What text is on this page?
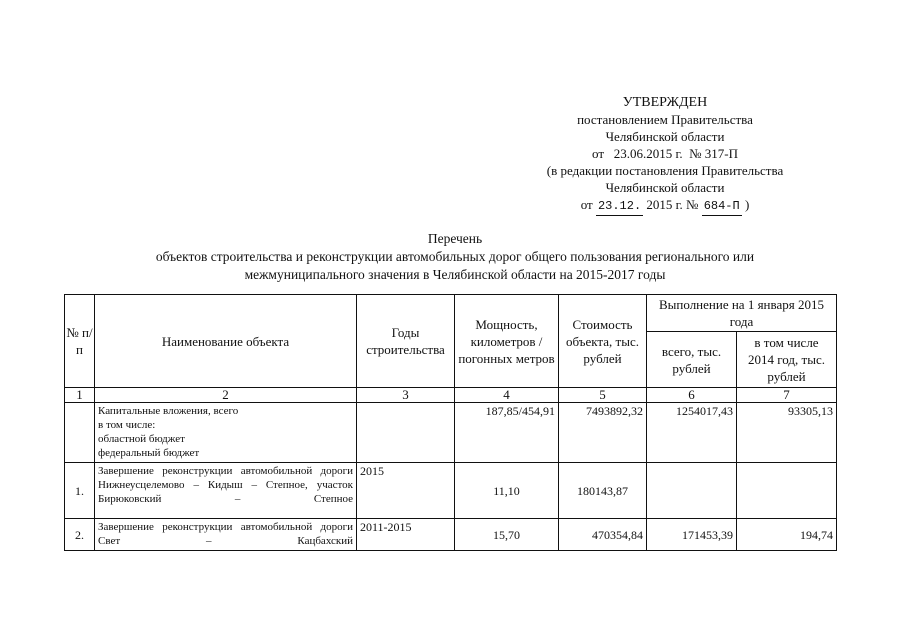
УТВЕРЖДЕН
постановлением Правительства
Челябинской области
от   23.06.2015 г.  № 317-П
(в редакции постановления Правительства
Челябинской области
от 23.12. 2015 г. № 684-П )
Перечень
объектов строительства и реконструкции автомобильных дорог общего пользования регионального или
межмуниципального значения в Челябинской области на 2015-2017 годы
№ п/п	Наименование объекта	Годы строительства	Мощность, километров / погонных метров	Стоимость объекта, тыс. рублей	Выполнение на 1 января 2015 года	
					всего, тыс. рублей	в том числе 2014 год, тыс. рублей
1	2	3	4	5	6	7

	Капитальные вложения, всего
в том числе:
областной бюджет
федеральный бюджет		187,85/454,91	7493892,32	1254017,43	93305,13
1.	Завершение реконструкции автомобильной дороги Нижнеусцелемово – Кидыш – Степное, участок Бирюковский – Степное	2015	11,10	180143,87		
2.	Завершение реконструкции автомобильной дороги Свет – Кацбахский	2011-2015	15,70	470354,84	171453,39	194,74
